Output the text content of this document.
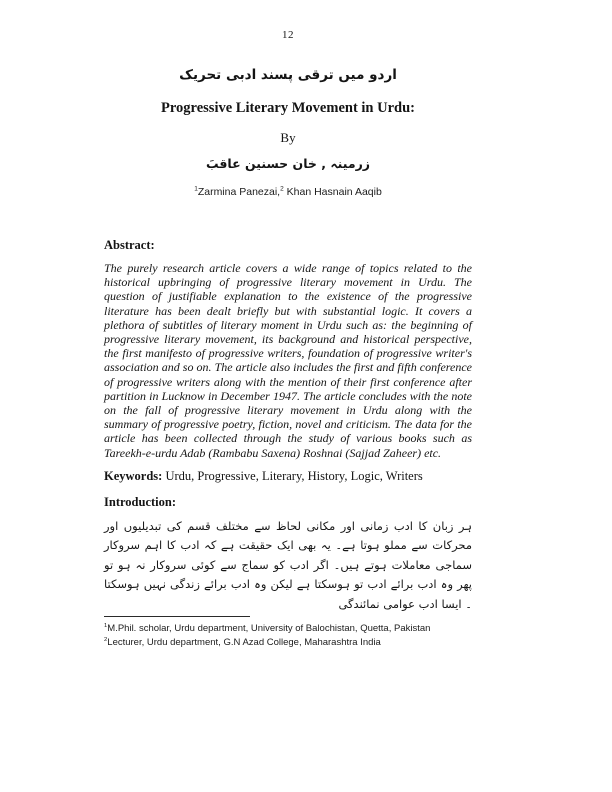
12
اردو میں ترقی پسند ادبی تحریک
Progressive Literary Movement in Urdu:
By
زرمینہ , خان حسنین عاقبَ
$^1$Zarmina Panezai,$^2$ Khan Hasnain Aaqib
Abstract:
The purely research article covers a wide range of topics related to the historical upbringing of progressive literary movement in Urdu. The question of justifiable explanation to the existence of the progressive literature has been dealt briefly but with substantial logic. It covers a plethora of subtitles of literary moment in Urdu such as: the beginning of progressive literary movement, its background and historical perspective, the first manifesto of progressive writers, foundation of progressive writer's association and so on. The article also includes the first and fifth conference of progressive writers along with the mention of their first conference after partition in Lucknow in December 1947. The article concludes with the note on the fall of progressive literary movement in Urdu along with the summary of progressive poetry, fiction, novel and criticism. The data for the article has been collected through the study of various books such as Tareekh-e-urdu Adab (Rambabu Saxena) Roshnai (Sajjad Zaheer) etc.
Keywords: Urdu, Progressive, Literary, History, Logic, Writers
Introduction:
ہر زبان کا ادب زمانی اور مکانی لحاظ سے مختلف قسم کی تبدیلیوں اور محرکات سے مملو ہوتا ہے۔ یہ بھی ایک حقیقت ہے کہ ادب کا اہم سروکار سماجی معاملات ہوتے ہیں۔ اگر ادب کو سماج سے کوئی سروکار نہ ہو تو پھر وہ ادب برائے ادب تو ہوسکتا ہے لیکن وہ ادب برائے زندگی نہیں ہوسکتا ۔ ایسا ادب عوامی نمائندگی
$^1$M.Phil. scholar, Urdu department, University of Balochistan, Quetta, Pakistan
$^2$Lecturer, Urdu department, G.N Azad College, Maharashtra India
